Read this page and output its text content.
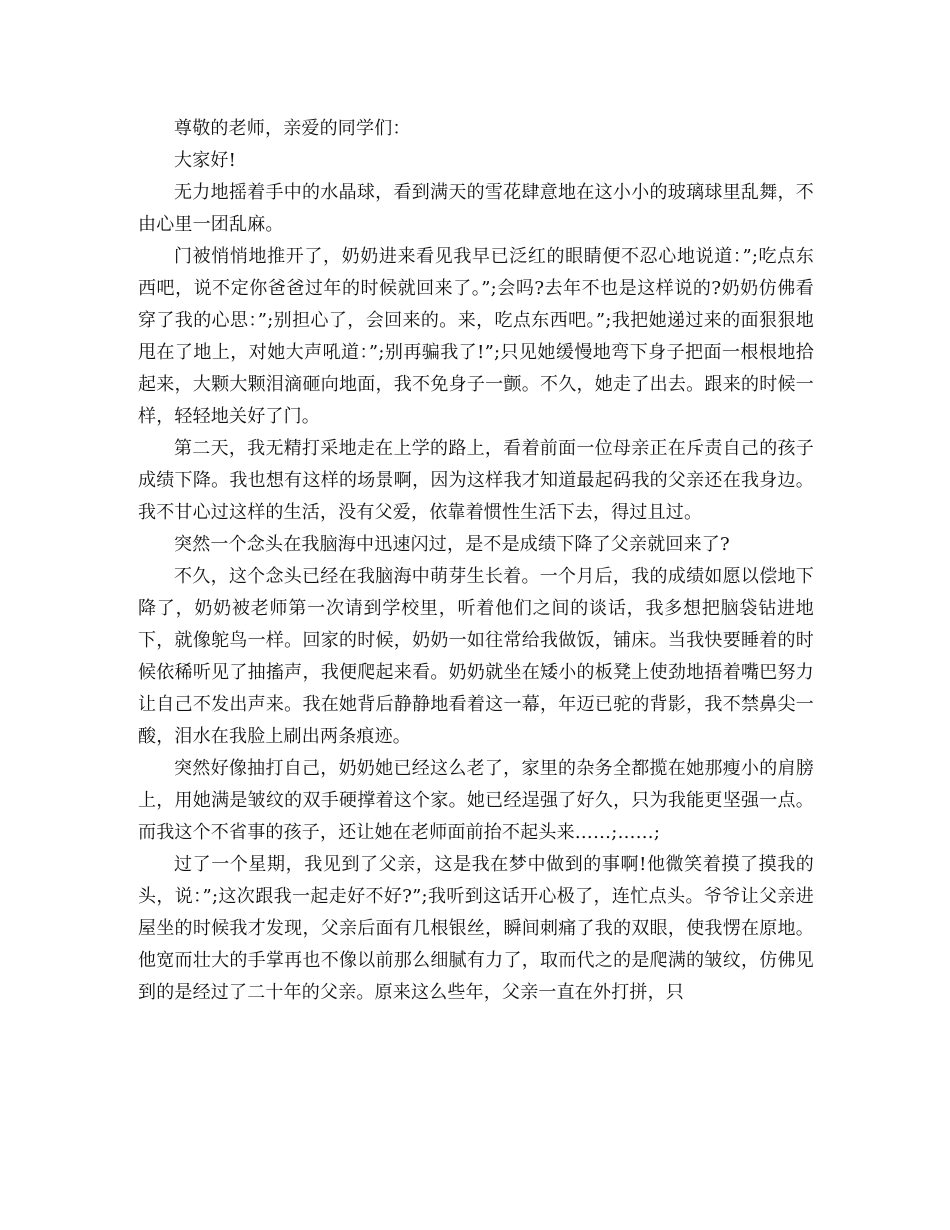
尊敬的老师，亲爱的同学们：

大家好!

无力地摇着手中的水晶球，看到满天的雪花肆意地在这小小的玻璃球里乱舞，不由心里一团乱麻。

门被悄悄地推开了，奶奶进来看见我早已泛红的眼睛便不忍心地说道：”;吃点东西吧，说不定你爸爸过年的时候就回来了。”;会吗?去年不也是这样说的?奶奶仿佛看穿了我的心思：”;别担心了，会回来的。来，吃点东西吧。”;我把她递过来的面狠狠地甩在了地上，对她大声吼道：”;别再骗我了!”;只见她缓慢地弯下身子把面一根根地拾起来，大颗大颗泪滴砸向地面，我不免身子一颤。不久，她走了出去。跟来的时候一样，轻轻地关好了门。

第二天，我无精打采地走在上学的路上，看着前面一位母亲正在斥责自己的孩子成绩下降。我也想有这样的场景啊，因为这样我才知道最起码我的父亲还在我身边。我不甘心过这样的生活，没有父爱，依靠着惯性生活下去，得过且过。

突然一个念头在我脑海中迅速闪过，是不是成绩下降了父亲就回来了?

不久，这个念头已经在我脑海中萌芽生长着。一个月后，我的成绩如愿以偿地下降了，奶奶被老师第一次请到学校里，听着他们之间的谈话，我多想把脑袋钻进地下，就像鸵鸟一样。回家的时候，奶奶一如往常给我做饭，铺床。当我快要睡着的时候依稀听见了抽搐声，我便爬起来看。奶奶就坐在矮小的板凳上使劲地捂着嘴巴努力让自己不发出声来。我在她背后静静地看着这一幕，年迈已驼的背影，我不禁鼻尖一酸，泪水在我脸上刷出两条痕迹。

突然好像抽打自己，奶奶她已经这么老了，家里的杂务全都揽在她那瘦小的肩膀上，用她满是皱纹的双手硬撑着这个家。她已经逞强了好久，只为我能更坚强一点。而我这个不省事的孩子，还让她在老师面前抬不起头来……;……;

过了一个星期，我见到了父亲，这是我在梦中做到的事啊!他微笑着摸了摸我的头，说：”;这次跟我一起走好不好?”;我听到这话开心极了，连忙点头。爷爷让父亲进屋坐的时候我才发现，父亲后面有几根银丝，瞬间刺痛了我的双眼，使我愣在原地。他宽而壮大的手掌再也不像以前那么细腻有力了，取而代之的是爬满的皱纹，仿佛见到的是经过了二十年的父亲。原来这么些年，父亲一直在外打拼，只
